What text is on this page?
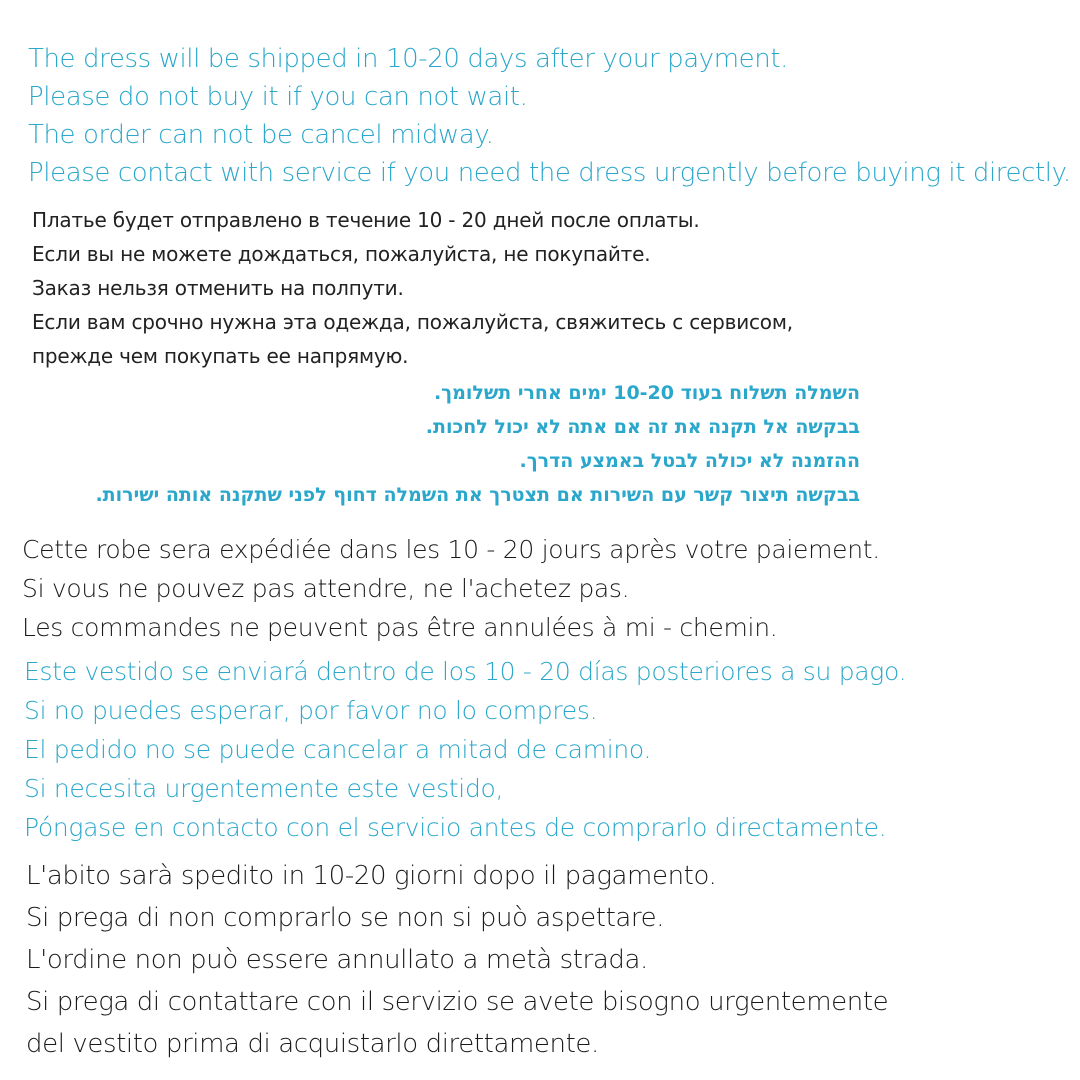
The dress will be shipped in 10-20 days after your payment.
Please do not buy it if you can not wait.
The order can not be cancel midway.
Please contact with service if you need the dress urgently before buying it directly.
Платье будет отправлено в течение 10 - 20 дней после оплаты.
Если вы не можете дождаться, пожалуйста, не покупайте.
Заказ нельзя отменить на полпути.
Если вам срочно нужна эта одежда, пожалуйста, свяжитесь с сервисом,
прежде чем покупать ее напрямую.
השמלה תשלוח בעוד 10-20 ימים אחרי תשלומך.
בבקשה אל תקנה את זה אם אתה לא יכול לחכות.
ההזמנה לא יכולה לבטל באמצע הדרך.
בבקשה תיצור קשר עם השירות אם תצטרך את השמלה דחוף לפני שתקנה אותה ישירות.
Cette robe sera expédiée dans les 10 - 20 jours après votre paiement.
Si vous ne pouvez pas attendre, ne l'achetez pas.
Les commandes ne peuvent pas être annulées à mi - chemin.
Este vestido se enviará dentro de los 10 - 20 días posteriores a su pago.
Si no puedes esperar, por favor no lo compres.
El pedido no se puede cancelar a mitad de camino.
Si necesita urgentemente este vestido,
Póngase en contacto con el servicio antes de comprarlo directamente.
L'abito sarà spedito in 10-20 giorni dopo il pagamento.
Si prega di non comprarlo se non si può aspettare.
L'ordine non può essere annullato a metà strada.
Si prega di contattare con il servizio se avete bisogno urgentemente
del vestito prima di acquistarlo direttamente.
